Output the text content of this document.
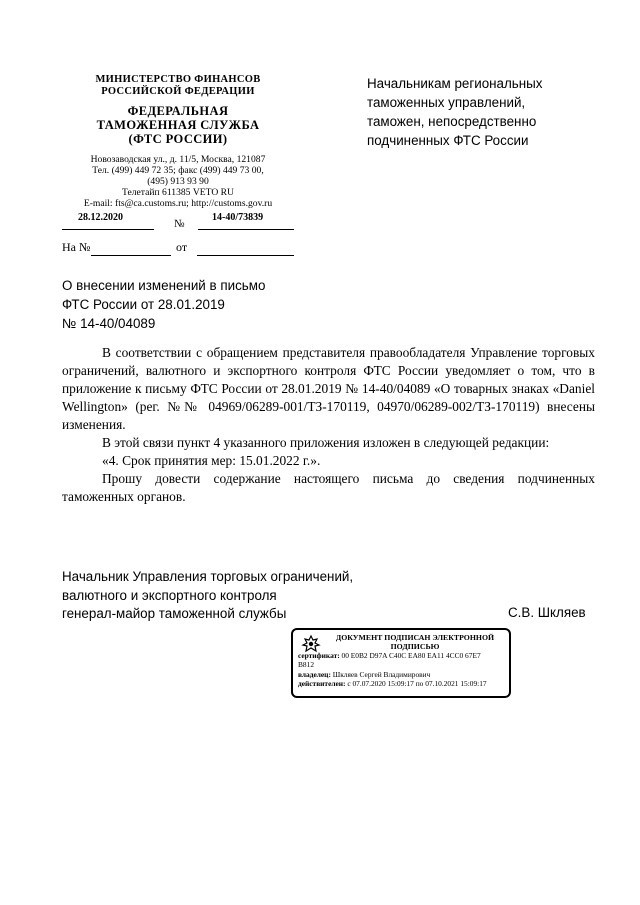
МИНИСТЕРСТВО ФИНАНСОВ
РОССИЙСКОЙ ФЕДЕРАЦИИ
ФЕДЕРАЛЬНАЯ
ТАМОЖЕННАЯ СЛУЖБА
(ФТС РОССИИ)
Новозаводская ул., д. 11/5, Москва, 121087
Тел. (499) 449 72 35; факс (499) 449 73 00,
(495) 913 93 90
Телетайп 611385 VETO RU
E-mail: fts@ca.customs.ru; http://customs.gov.ru
28.12.2020
№
14-40/73839
На №	от
Начальникам региональных
таможенных управлений,
таможен, непосредственно
подчиненных ФТС России
О внесении изменений в письмо
ФТС России от 28.01.2019
№ 14-40/04089

В соответствии с обращением представителя правообладателя Управление торговых ограничений, валютного и экспортного контроля ФТС России уведомляет о том, что в приложение к письму ФТС России от 28.01.2019 № 14-40/04089 «О товарных знаках «Daniel Wellington» (рег. №№ 04969/06289-001/ТЗ-170119, 04970/06289-002/ТЗ-170119) внесены изменения.

В этой связи пункт 4 указанного приложения изложен в следующей редакции:

«4. Срок принятия мер: 15.01.2022 г.».

Прошу довести содержание настоящего письма до сведения подчиненных таможенных органов.

Начальник Управления торговых ограничений,
валютного и экспортного контроля
генерал-майор таможенной службы	С.В. Шкляев
ДОКУМЕНТ ПОДПИСАН ЭЛЕКТРОННОЙ
ПОДПИСЬЮ
сертификат: 00 E0B2 D97A C40C EA80 EA11 4CC0 67E7
B812
владелец: Шкляев Сергей Владимирович
действителен: с 07.07.2020 15:09:17 по 07.10.2021 15:09:17
